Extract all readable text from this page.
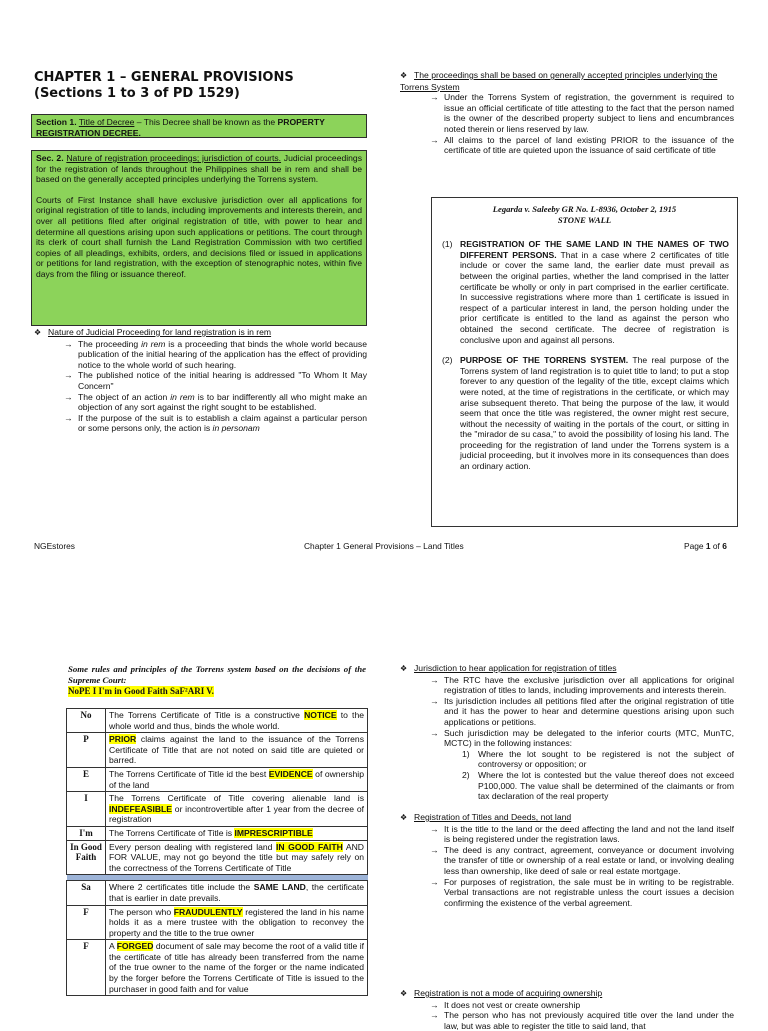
CHAPTER 1 – GENERAL PROVISIONS
(Sections 1 to 3 of PD 1529)
Section 1. Title of Decree – This Decree shall be known as the PROPERTY REGISTRATION DECREE.
Sec. 2. Nature of registration proceedings; jurisdiction of courts. Judicial proceedings for the registration of lands throughout the Philippines shall be in rem and shall be based on the generally accepted principles underlying the Torrens system.
Courts of First Instance shall have exclusive jurisdiction over all applications for original registration of title to lands, including improvements and interests therein, and over all petitions filed after original registration of title, with power to hear and determine all questions arising upon such applications or petitions. The court through its clerk of court shall furnish the Land Registration Commission with two certified copies of all pleadings, exhibits, orders, and decisions filed or issued in applications or petitions for land registration, with the exception of stenographic notes, within five days from the filing or issuance thereof.
❖ Nature of Judicial Proceeding for land registration is in rem
→ The proceeding in rem is a proceeding that binds the whole world because publication of the initial hearing of the application has the effect of providing notice to the whole world of such hearing.
→ The published notice of the initial hearing is addressed "To Whom It May Concern"
→ The object of an action in rem is to bar indifferently all who might make an objection of any sort against the right sought to be established.
→ If the purpose of the suit is to establish a claim against a particular person or some persons only, the action is in personam
❖ The proceedings shall be based on generally accepted principles underlying the Torrens System
→ Under the Torrens System of registration, the government is required to issue an official certificate of title attesting to the fact that the person named is the owner of the described property subject to liens and encumbrances noted therein or liens reserved by law.
→ All claims to the parcel of land existing PRIOR to the issuance of the certificate of title are quieted upon the issuance of said certificate of title
Legarda v. Saleeby GR No. L-8936, October 2, 1915
STONE WALL
(1) REGISTRATION OF THE SAME LAND IN THE NAMES OF TWO DIFFERENT PERSONS. That in a case where 2 certificates of title include or cover the same land, the earlier date must prevail as between the original parties, whether the land comprised in the latter certificate be wholly or only in part comprised in the earlier certificate. In successive registrations where more than 1 certificate is issued in respect of a particular interest in land, the person holding under the prior certificate is entitled to the land as against the person who obtained the second certificate. The decree of registration is conclusive upon and against all persons.
(2) PURPOSE OF THE TORRENS SYSTEM. The real purpose of the Torrens system of land registration is to quiet title to land; to put a stop forever to any question of the legality of the title, except claims which were noted, at the time of registrations in the certificate, or which may arise subsequent thereto. That being the purpose of the law, it would seem that once the title was registered, the owner might rest secure, without the necessity of waiting in the portals of the court, or sitting in the "mirador de su casa," to avoid the possibility of losing his land. The proceeding for the registration of land under the Torrens system is a judicial proceeding, but it involves more in its consequences than does an ordinary action.
NGEstores	Chapter 1 General Provisions – Land Titles	Page 1 of 6
Some rules and principles of the Torrens system based on the decisions of the Supreme Court:
NoPE I I'm in Good Faith SaF²ARI V.
No	The Torrens Certificate of Title is a constructive NOTICE to the whole world and thus, binds the whole world.
P	PRIOR claims against the land to the issuance of the Torrens Certificate of Title that are not noted on said title are quieted or barred.
E	The Torrens Certificate of Title id the best EVIDENCE of ownership of the land
I	The Torrens Certificate of Title covering alienable land is INDEFEASIBLE or incontrovertible after 1 year from the decree of registration
I'm	The Torrens Certificate of Title is IMPRESCRIPTIBLE
In Good Faith	Every person dealing with registered land IN GOOD FAITH AND FOR VALUE, may not go beyond the title but may safely rely on the correctness of the Torrens Certificate of Title

Sa	Where 2 certificates title include the SAME LAND, the certificate that is earlier in date prevails.
F	The person who FRAUDULENTLY registered the land in his name holds it as a mere trustee with the obligation to reconvey the property and the title to the true owner
F	A FORGED document of sale may become the root of a valid title if the certificate of title has already been transferred from the name of the true owner to the name of the forger or the name indicated by the forger before the Torrens Certificate of Title is issued to the purchaser in good faith and for value
❖ Jurisdiction to hear application for registration of titles
→ The RTC have the exclusive jurisdiction over all applications for original registration of titles to lands, including improvements and interests therein.
→ Its jurisdiction includes all petitions filed after the original registration of title and it has the power to hear and determine questions arising upon such applications or petitions.
→ Such jurisdiction may be delegated to the inferior courts (MTC, MunTC, MCTC) in the following instances:
1) Where the lot sought to be registered is not the subject of controversy or opposition; or
2) Where the lot is contested but the value thereof does not exceed P100,000. The value shall be determined of the claimants or from tax declaration of the real property
❖ Registration of Titles and Deeds, not land
→ It is the title to the land or the deed affecting the land and not the land itself is being registered under the registration laws.
→ The deed is any contract, agreement, conveyance or document involving the transfer of title or ownership of a real estate or land, or involving dealing less than ownership, like deed of sale or real estate mortgage.
→ For purposes of registration, the sale must be in writing to be registrable. Verbal transactions are not registrable unless the court issues a decision confirming the existence of the verbal agreement.
❖ Registration is not a mode of acquiring ownership
→ It does not vest or create ownership
→ The person who has not previously acquired title over the land under the law, but was able to register the title to said land, that
